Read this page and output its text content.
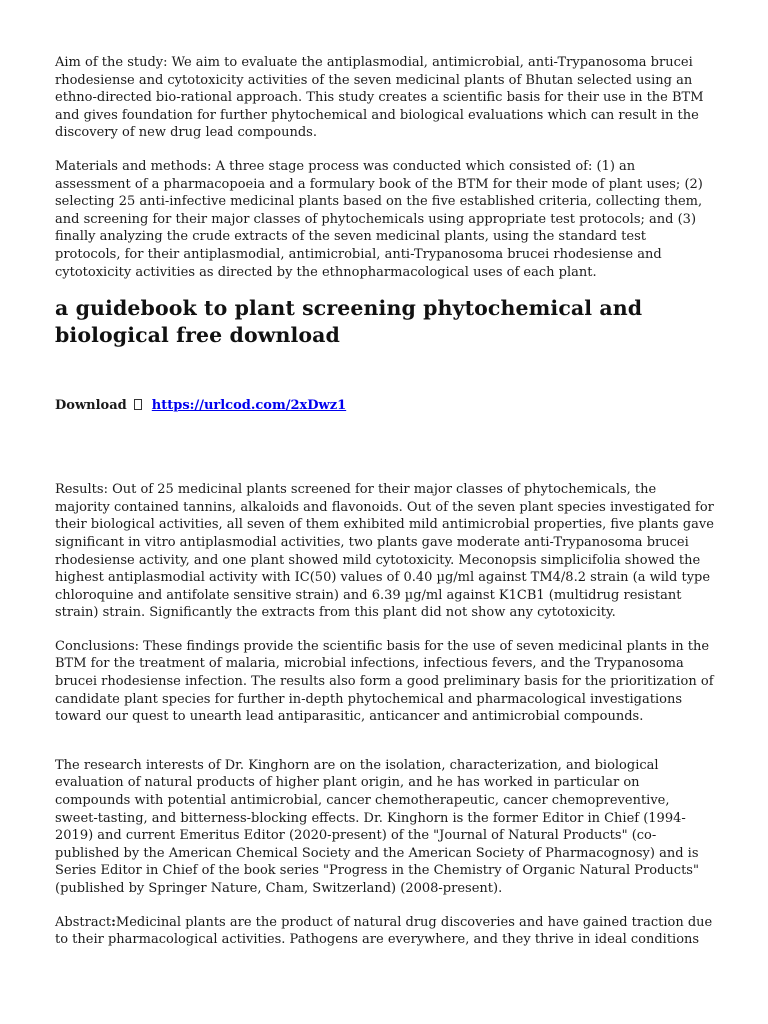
Aim of the study: We aim to evaluate the antiplasmodial, antimicrobial, anti-Trypanosoma brucei rhodesiense and cytotoxicity activities of the seven medicinal plants of Bhutan selected using an ethno-directed bio-rational approach. This study creates a scientific basis for their use in the BTM and gives foundation for further phytochemical and biological evaluations which can result in the discovery of new drug lead compounds.

Materials and methods: A three stage process was conducted which consisted of: (1) an assessment of a pharmacopoeia and a formulary book of the BTM for their mode of plant uses; (2) selecting 25 anti-infective medicinal plants based on the five established criteria, collecting them, and screening for their major classes of phytochemicals using appropriate test protocols; and (3) finally analyzing the crude extracts of the seven medicinal plants, using the standard test protocols, for their antiplasmodial, antimicrobial, anti-Trypanosoma brucei rhodesiense and cytotoxicity activities as directed by the ethnopharmacological uses of each plant.

a guidebook to plant screening phytochemical and biological free download
Download https://urlcod.com/2xDwz1

Results: Out of 25 medicinal plants screened for their major classes of phytochemicals, the majority contained tannins, alkaloids and flavonoids. Out of the seven plant species investigated for their biological activities, all seven of them exhibited mild antimicrobial properties, five plants gave significant in vitro antiplasmodial activities, two plants gave moderate anti-Trypanosoma brucei rhodesiense activity, and one plant showed mild cytotoxicity. Meconopsis simplicifolia showed the highest antiplasmodial activity with IC(50) values of 0.40 µg/ml against TM4/8.2 strain (a wild type chloroquine and antifolate sensitive strain) and 6.39 µg/ml against K1CB1 (multidrug resistant strain) strain. Significantly the extracts from this plant did not show any cytotoxicity.

Conclusions: These findings provide the scientific basis for the use of seven medicinal plants in the BTM for the treatment of malaria, microbial infections, infectious fevers, and the Trypanosoma brucei rhodesiense infection. The results also form a good preliminary basis for the prioritization of candidate plant species for further in-depth phytochemical and pharmacological investigations toward our quest to unearth lead antiparasitic, anticancer and antimicrobial compounds.

The research interests of Dr. Kinghorn are on the isolation, characterization, and biological evaluation of natural products of higher plant origin, and he has worked in particular on compounds with potential antimicrobial, cancer chemotherapeutic, cancer chemopreventive, sweet-tasting, and bitterness-blocking effects. Dr. Kinghorn is the former Editor in Chief (1994-2019) and current Emeritus Editor (2020-present) of the "Journal of Natural Products" (co-published by the American Chemical Society and the American Society of Pharmacognosy) and is Series Editor in Chief of the book series "Progress in the Chemistry of Organic Natural Products" (published by Springer Nature, Cham, Switzerland) (2008-present).

Abstract:Medicinal plants are the product of natural drug discoveries and have gained traction due to their pharmacological activities. Pathogens are everywhere, and they thrive in ideal conditions
